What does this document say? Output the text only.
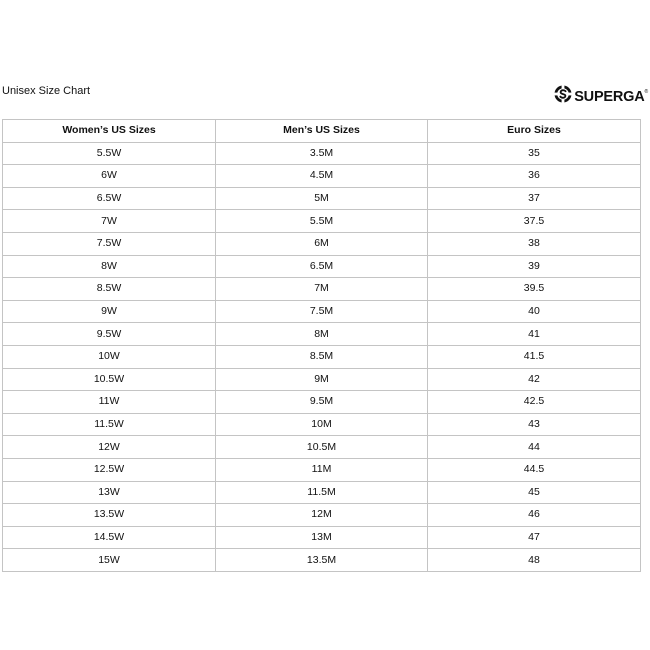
Unisex Size Chart	SUPERGA®
Women’s US Sizes	Men’s US Sizes	Euro Sizes
5.5W	3.5M	35
6W	4.5M	36
6.5W	5M	37
7W	5.5M	37.5
7.5W	6M	38
8W	6.5M	39
8.5W	7M	39.5
9W	7.5M	40
9.5W	8M	41
10W	8.5M	41.5
10.5W	9M	42
11W	9.5M	42.5
11.5W	10M	43
12W	10.5M	44
12.5W	11M	44.5
13W	11.5M	45
13.5W	12M	46
14.5W	13M	47
15W	13.5M	48
